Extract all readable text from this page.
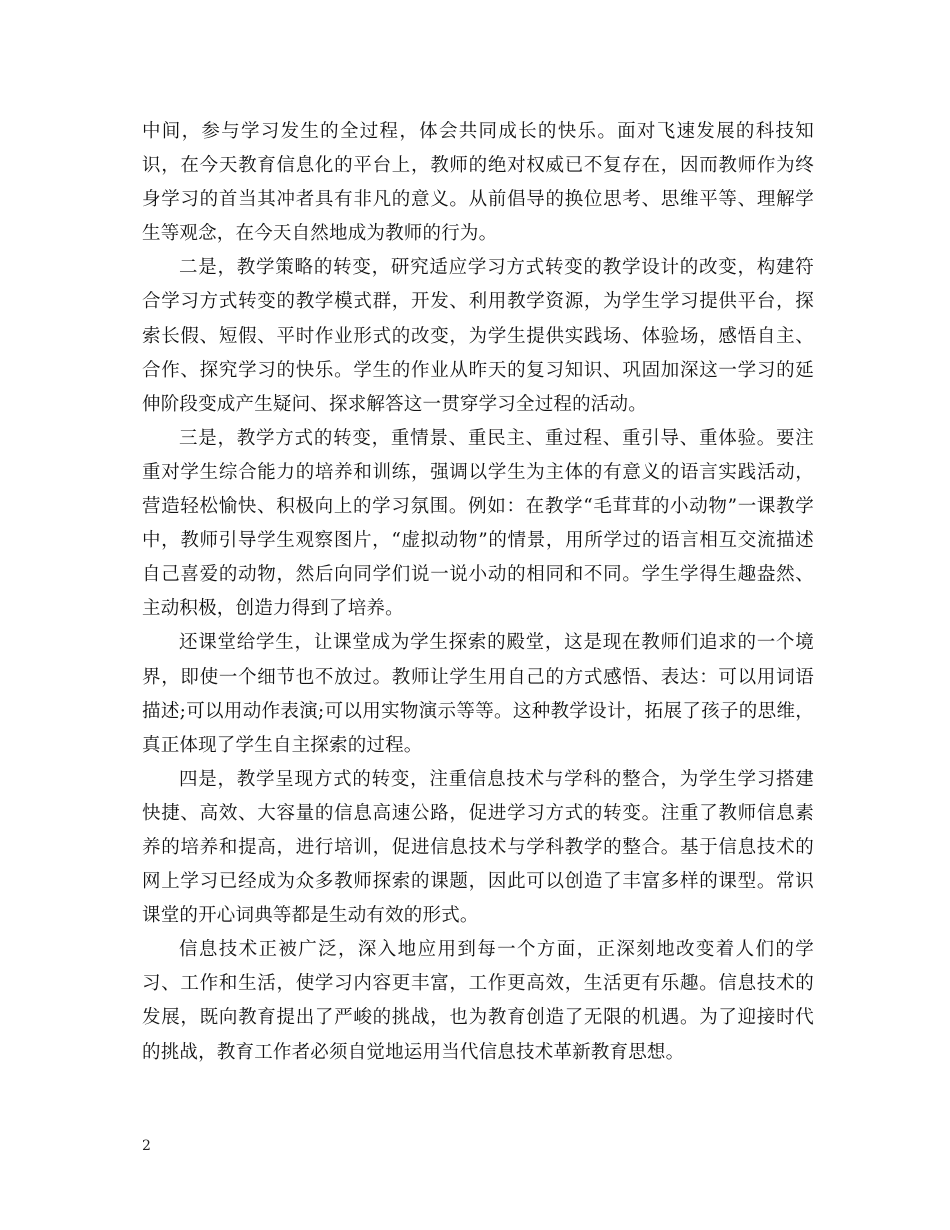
中间，参与学习发生的全过程，体会共同成长的快乐。面对飞速发展的科技知识，在今天教育信息化的平台上，教师的绝对权威已不复存在，因而教师作为终身学习的首当其冲者具有非凡的意义。从前倡导的换位思考、思维平等、理解学生等观念，在今天自然地成为教师的行为。

二是，教学策略的转变，研究适应学习方式转变的教学设计的改变，构建符合学习方式转变的教学模式群，开发、利用教学资源，为学生学习提供平台，探索长假、短假、平时作业形式的改变，为学生提供实践场、体验场，感悟自主、合作、探究学习的快乐。学生的作业从昨天的复习知识、巩固加深这一学习的延伸阶段变成产生疑问、探求解答这一贯穿学习全过程的活动。

三是，教学方式的转变，重情景、重民主、重过程、重引导、重体验。要注重对学生综合能力的培养和训练，强调以学生为主体的有意义的语言实践活动，营造轻松愉快、积极向上的学习氛围。例如：在教学“毛茸茸的小动物”一课教学中，教师引导学生观察图片，“虚拟动物”的情景，用所学过的语言相互交流描述自己喜爱的动物，然后向同学们说一说小动的相同和不同。学生学得生趣盎然、主动积极，创造力得到了培养。

还课堂给学生，让课堂成为学生探索的殿堂，这是现在教师们追求的一个境界，即使一个细节也不放过。教师让学生用自己的方式感悟、表达：可以用词语描述;可以用动作表演;可以用实物演示等等。这种教学设计，拓展了孩子的思维，真正体现了学生自主探索的过程。

四是，教学呈现方式的转变，注重信息技术与学科的整合，为学生学习搭建快捷、高效、大容量的信息高速公路，促进学习方式的转变。注重了教师信息素养的培养和提高，进行培训，促进信息技术与学科教学的整合。基于信息技术的网上学习已经成为众多教师探索的课题，因此可以创造了丰富多样的课型。常识课堂的开心词典等都是生动有效的形式。

信息技术正被广泛，深入地应用到每一个方面，正深刻地改变着人们的学习、工作和生活，使学习内容更丰富，工作更高效，生活更有乐趣。信息技术的发展，既向教育提出了严峻的挑战，也为教育创造了无限的机遇。为了迎接时代的挑战，教育工作者必须自觉地运用当代信息技术革新教育思想。

2
